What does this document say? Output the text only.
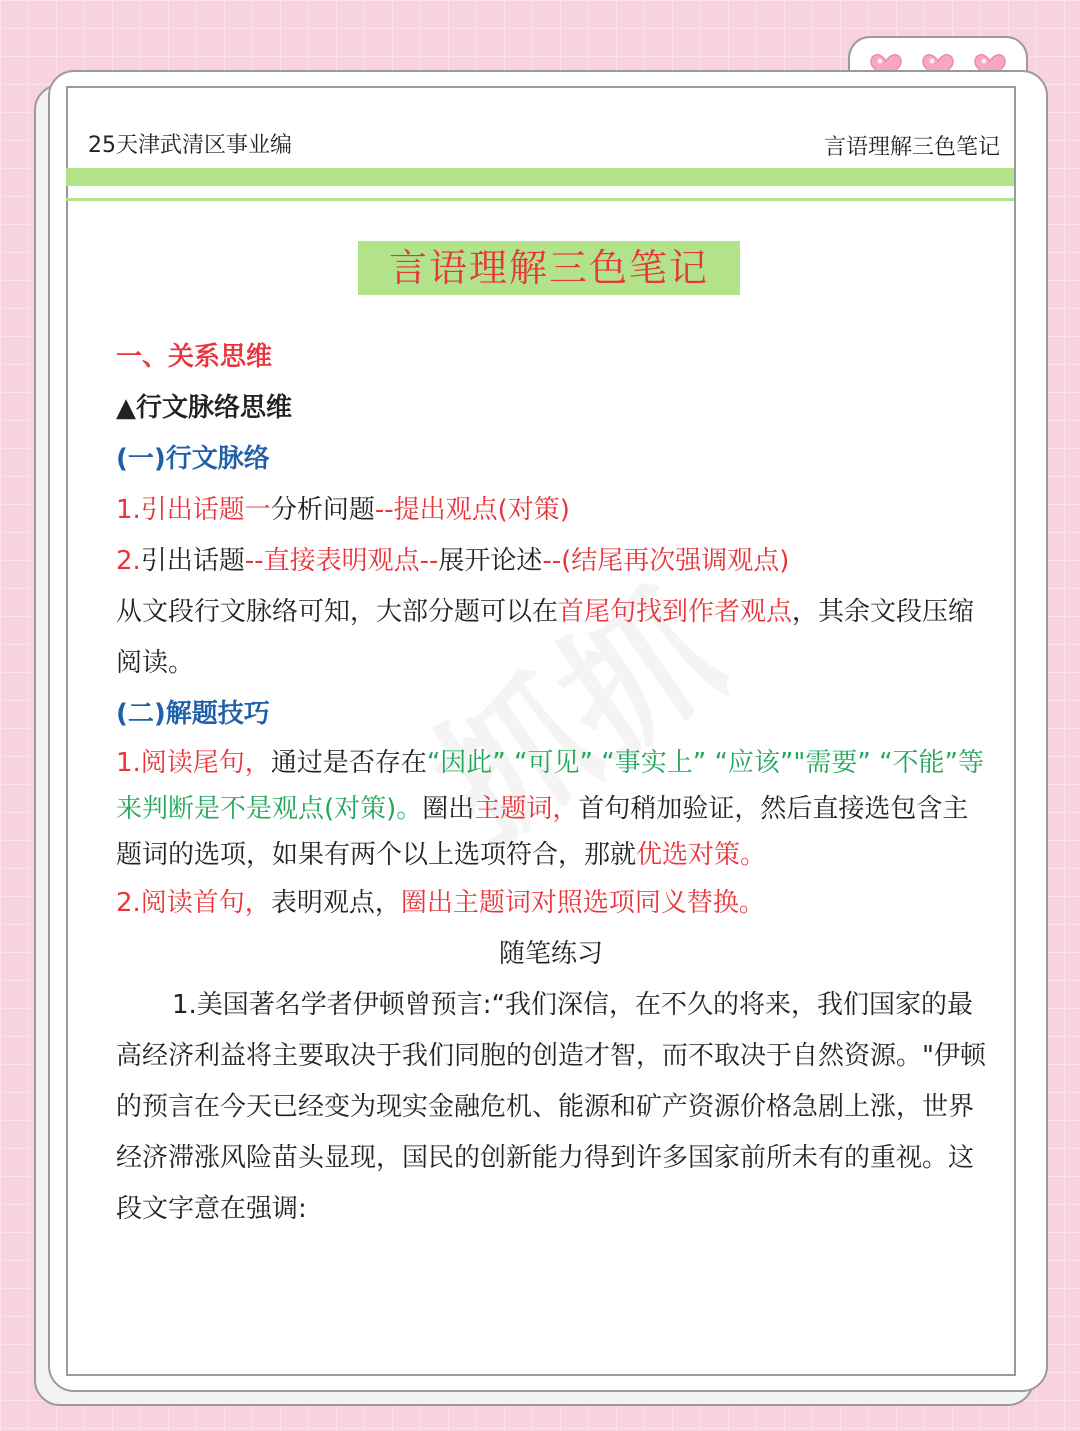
25天津武清区事业编	言语理解三色笔记
言语理解三色笔记

一、关系思维

▲行文脉络思维

(一)行文脉络

1.引出话题一分析问题--提出观点(对策)

2.引出话题--直接表明观点--展开论述--(结尾再次强调观点)

从文段行文脉络可知，大部分题可以在首尾句找到作者观点，其余文段压缩阅读。

(二)解题技巧

1.阅读尾句，通过是否存在“因此” “可见” “事实上” “应该”"需要” “不能”等来判断是不是观点(对策)。圈出主题词，首句稍加验证，然后直接选包含主题词的选项，如果有两个以上选项符合，那就优选对策。

2.阅读首句，表明观点，圈出主题词对照选项同义替换。

随笔练习

1.美国著名学者伊顿曾预言:“我们深信，在不久的将来，我们国家的最高经济利益将主要取决于我们同胞的创造才智，而不取决于自然资源。"伊顿的预言在今天已经变为现实金融危机、能源和矿产资源价格急剧上涨，世界经济滞涨风险苗头显现，国民的创新能力得到许多国家前所未有的重视。这段文字意在强调:
